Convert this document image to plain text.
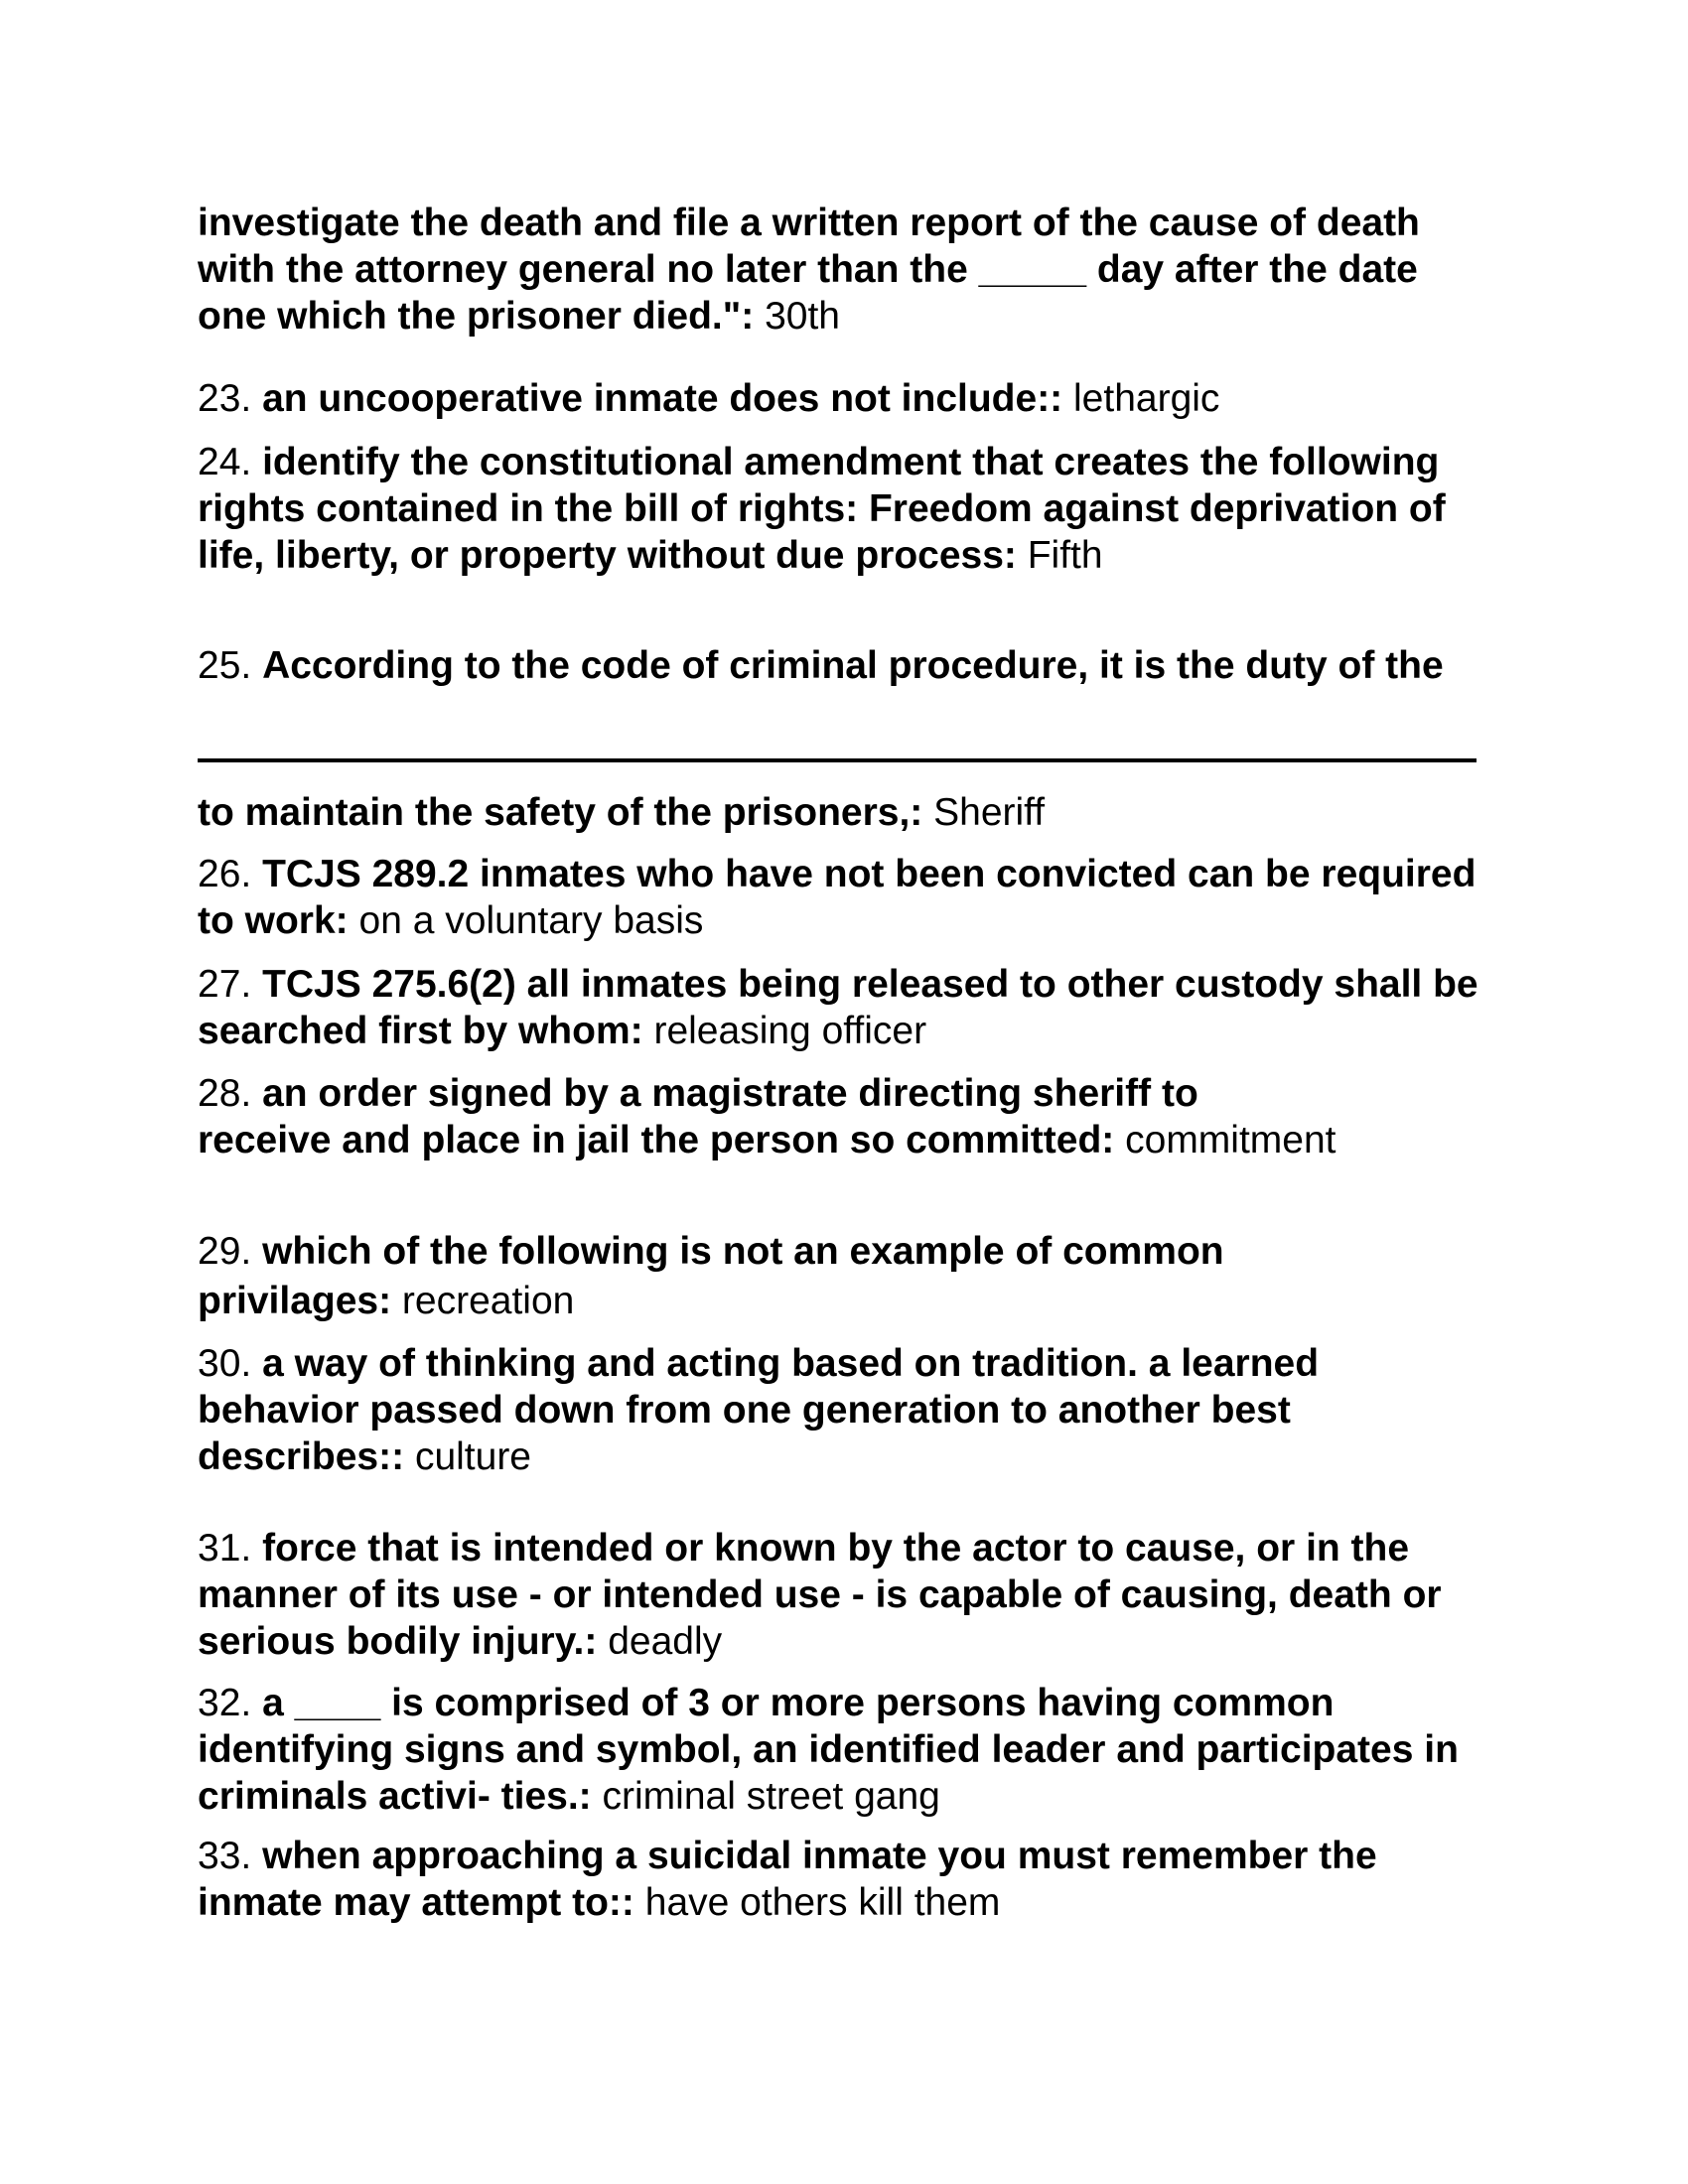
investigate the death and file a written report of the cause of death with the attorney general no later than the _____ day after the date one which the prisoner died.": 30th
23. an uncooperative inmate does not include:: lethargic
24. identify the constitutional amendment that creates the following rights contained in the bill of rights: Freedom against deprivation of life, liberty, or property without due process: Fifth
25. According to the code of criminal procedure, it is the duty of the
to maintain the safety of the prisoners,: Sheriff
26. TCJS 289.2 inmates who have not been convicted can be required to work: on a voluntary basis
27. TCJS 275.6(2) all inmates being released to other custody shall be searched first by whom: releasing officer
28. an order signed by a magistrate directing sheriff to receive and place in jail the person so committed: commitment
29. which of the following is not an example of common privilages: recreation
30. a way of thinking and acting based on tradition. a learned behavior passed down from one generation to another best describes:: culture
31. force that is intended or known by the actor to cause, or in the manner of its use - or intended use - is capable of causing, death or serious bodily injury.: deadly
32. a ____ is comprised of 3 or more persons having common identifying signs and symbol, an identified leader and participates in criminals activi- ties.: criminal street gang
33. when approaching a suicidal inmate you must remember the inmate may attempt to:: have others kill them
